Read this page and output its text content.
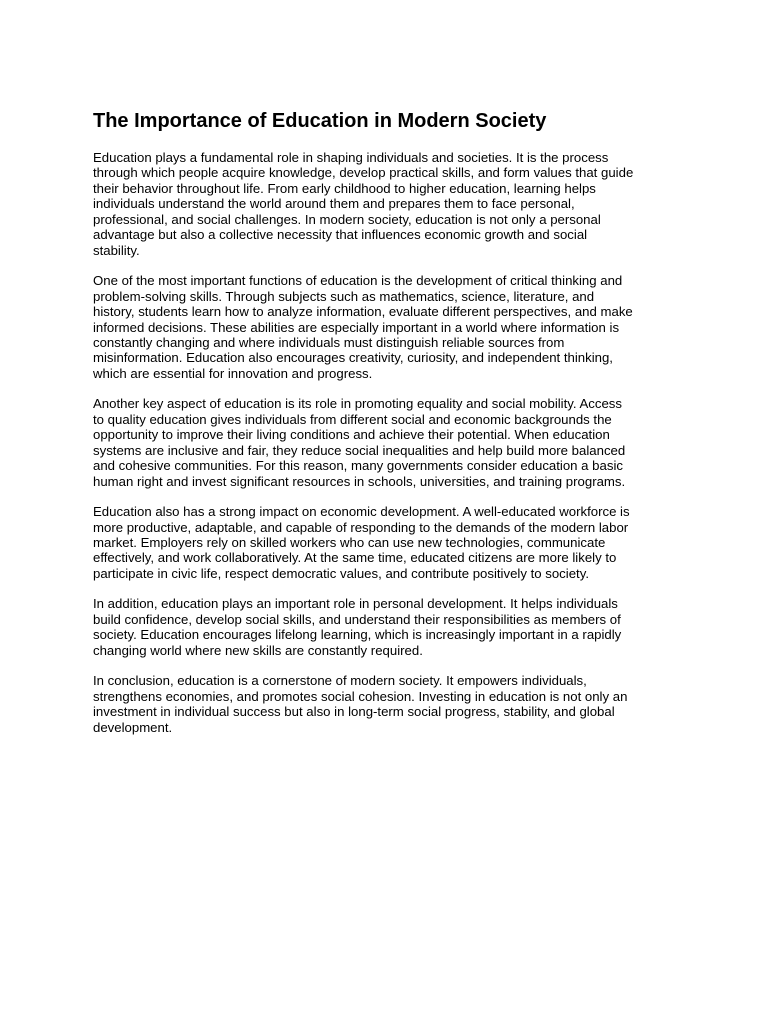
The Importance of Education in Modern Society

Education plays a fundamental role in shaping individuals and societies. It is the process
through which people acquire knowledge, develop practical skills, and form values that guide
their behavior throughout life. From early childhood to higher education, learning helps
individuals understand the world around them and prepares them to face personal,
professional, and social challenges. In modern society, education is not only a personal
advantage but also a collective necessity that influences economic growth and social
stability.

One of the most important functions of education is the development of critical thinking and
problem-solving skills. Through subjects such as mathematics, science, literature, and
history, students learn how to analyze information, evaluate different perspectives, and make
informed decisions. These abilities are especially important in a world where information is
constantly changing and where individuals must distinguish reliable sources from
misinformation. Education also encourages creativity, curiosity, and independent thinking,
which are essential for innovation and progress.

Another key aspect of education is its role in promoting equality and social mobility. Access
to quality education gives individuals from different social and economic backgrounds the
opportunity to improve their living conditions and achieve their potential. When education
systems are inclusive and fair, they reduce social inequalities and help build more balanced
and cohesive communities. For this reason, many governments consider education a basic
human right and invest significant resources in schools, universities, and training programs.

Education also has a strong impact on economic development. A well-educated workforce is
more productive, adaptable, and capable of responding to the demands of the modern labor
market. Employers rely on skilled workers who can use new technologies, communicate
effectively, and work collaboratively. At the same time, educated citizens are more likely to
participate in civic life, respect democratic values, and contribute positively to society.

In addition, education plays an important role in personal development. It helps individuals
build confidence, develop social skills, and understand their responsibilities as members of
society. Education encourages lifelong learning, which is increasingly important in a rapidly
changing world where new skills are constantly required.

In conclusion, education is a cornerstone of modern society. It empowers individuals,
strengthens economies, and promotes social cohesion. Investing in education is not only an
investment in individual success but also in long-term social progress, stability, and global
development.
